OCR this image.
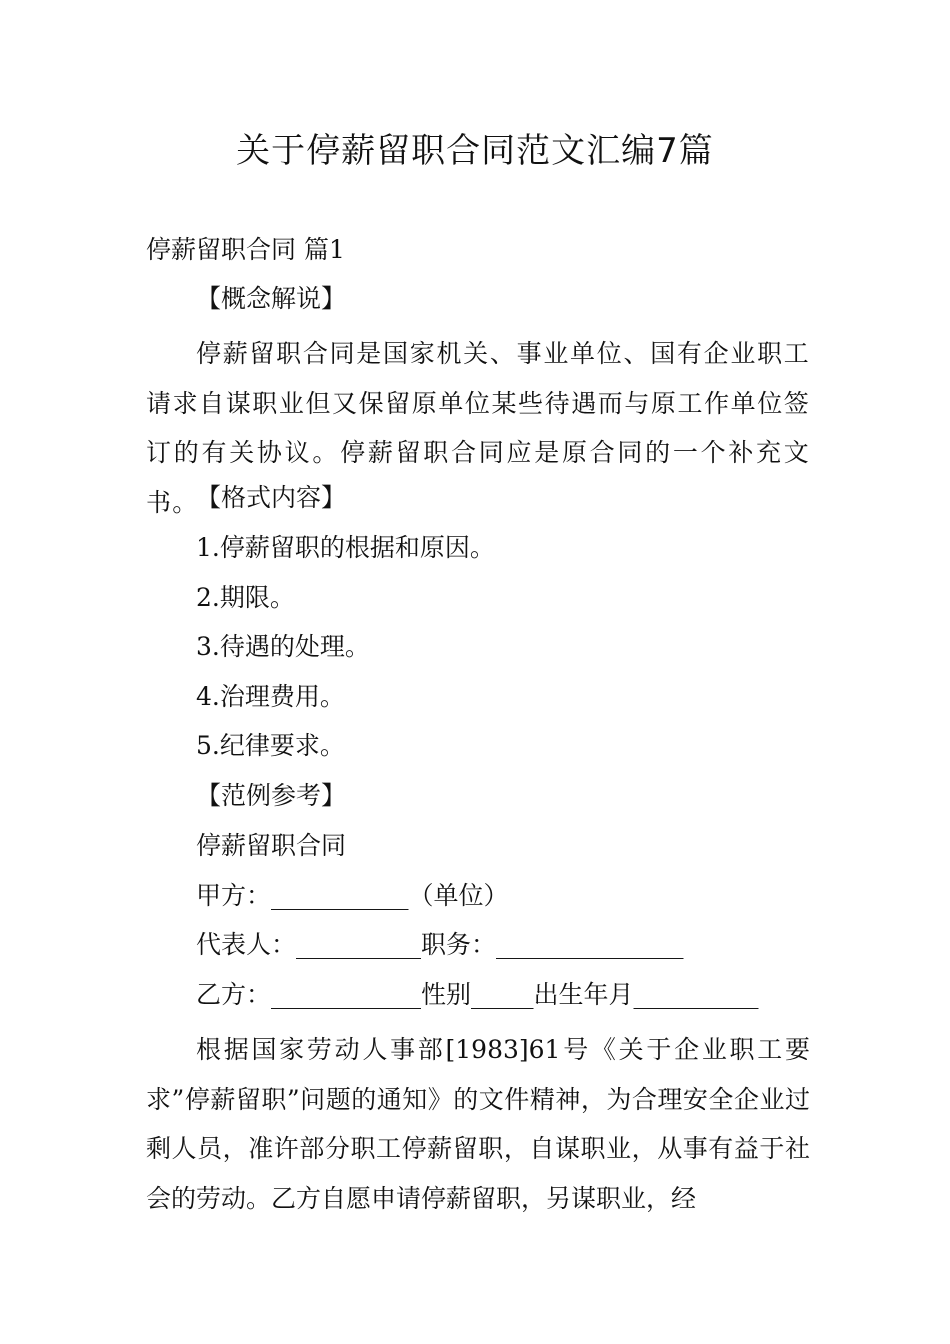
关于停薪留职合同范文汇编7篇

停薪留职合同 篇1

【概念解说】

停薪留职合同是国家机关、事业单位、国有企业职工请求自谋职业但又保留原单位某些待遇而与原工作单位签订的有关协议。停薪留职合同应是原合同的一个补充文书。

【格式内容】

1.停薪留职的根据和原因。

2.期限。

3.待遇的处理。

4.治理费用。

5.纪律要求。

【范例参考】

停薪留职合同

甲方：___________（单位）

代表人：__________职务：_______________

乙方：____________性别_____出生年月__________

根据国家劳动人事部[1983]61号《关于企业职工要求”停薪留职”问题的通知》的文件精神，为合理安全企业过剩人员，准许部分职工停薪留职，自谋职业，从事有益于社会的劳动。乙方自愿申请停薪留职，另谋职业，经
